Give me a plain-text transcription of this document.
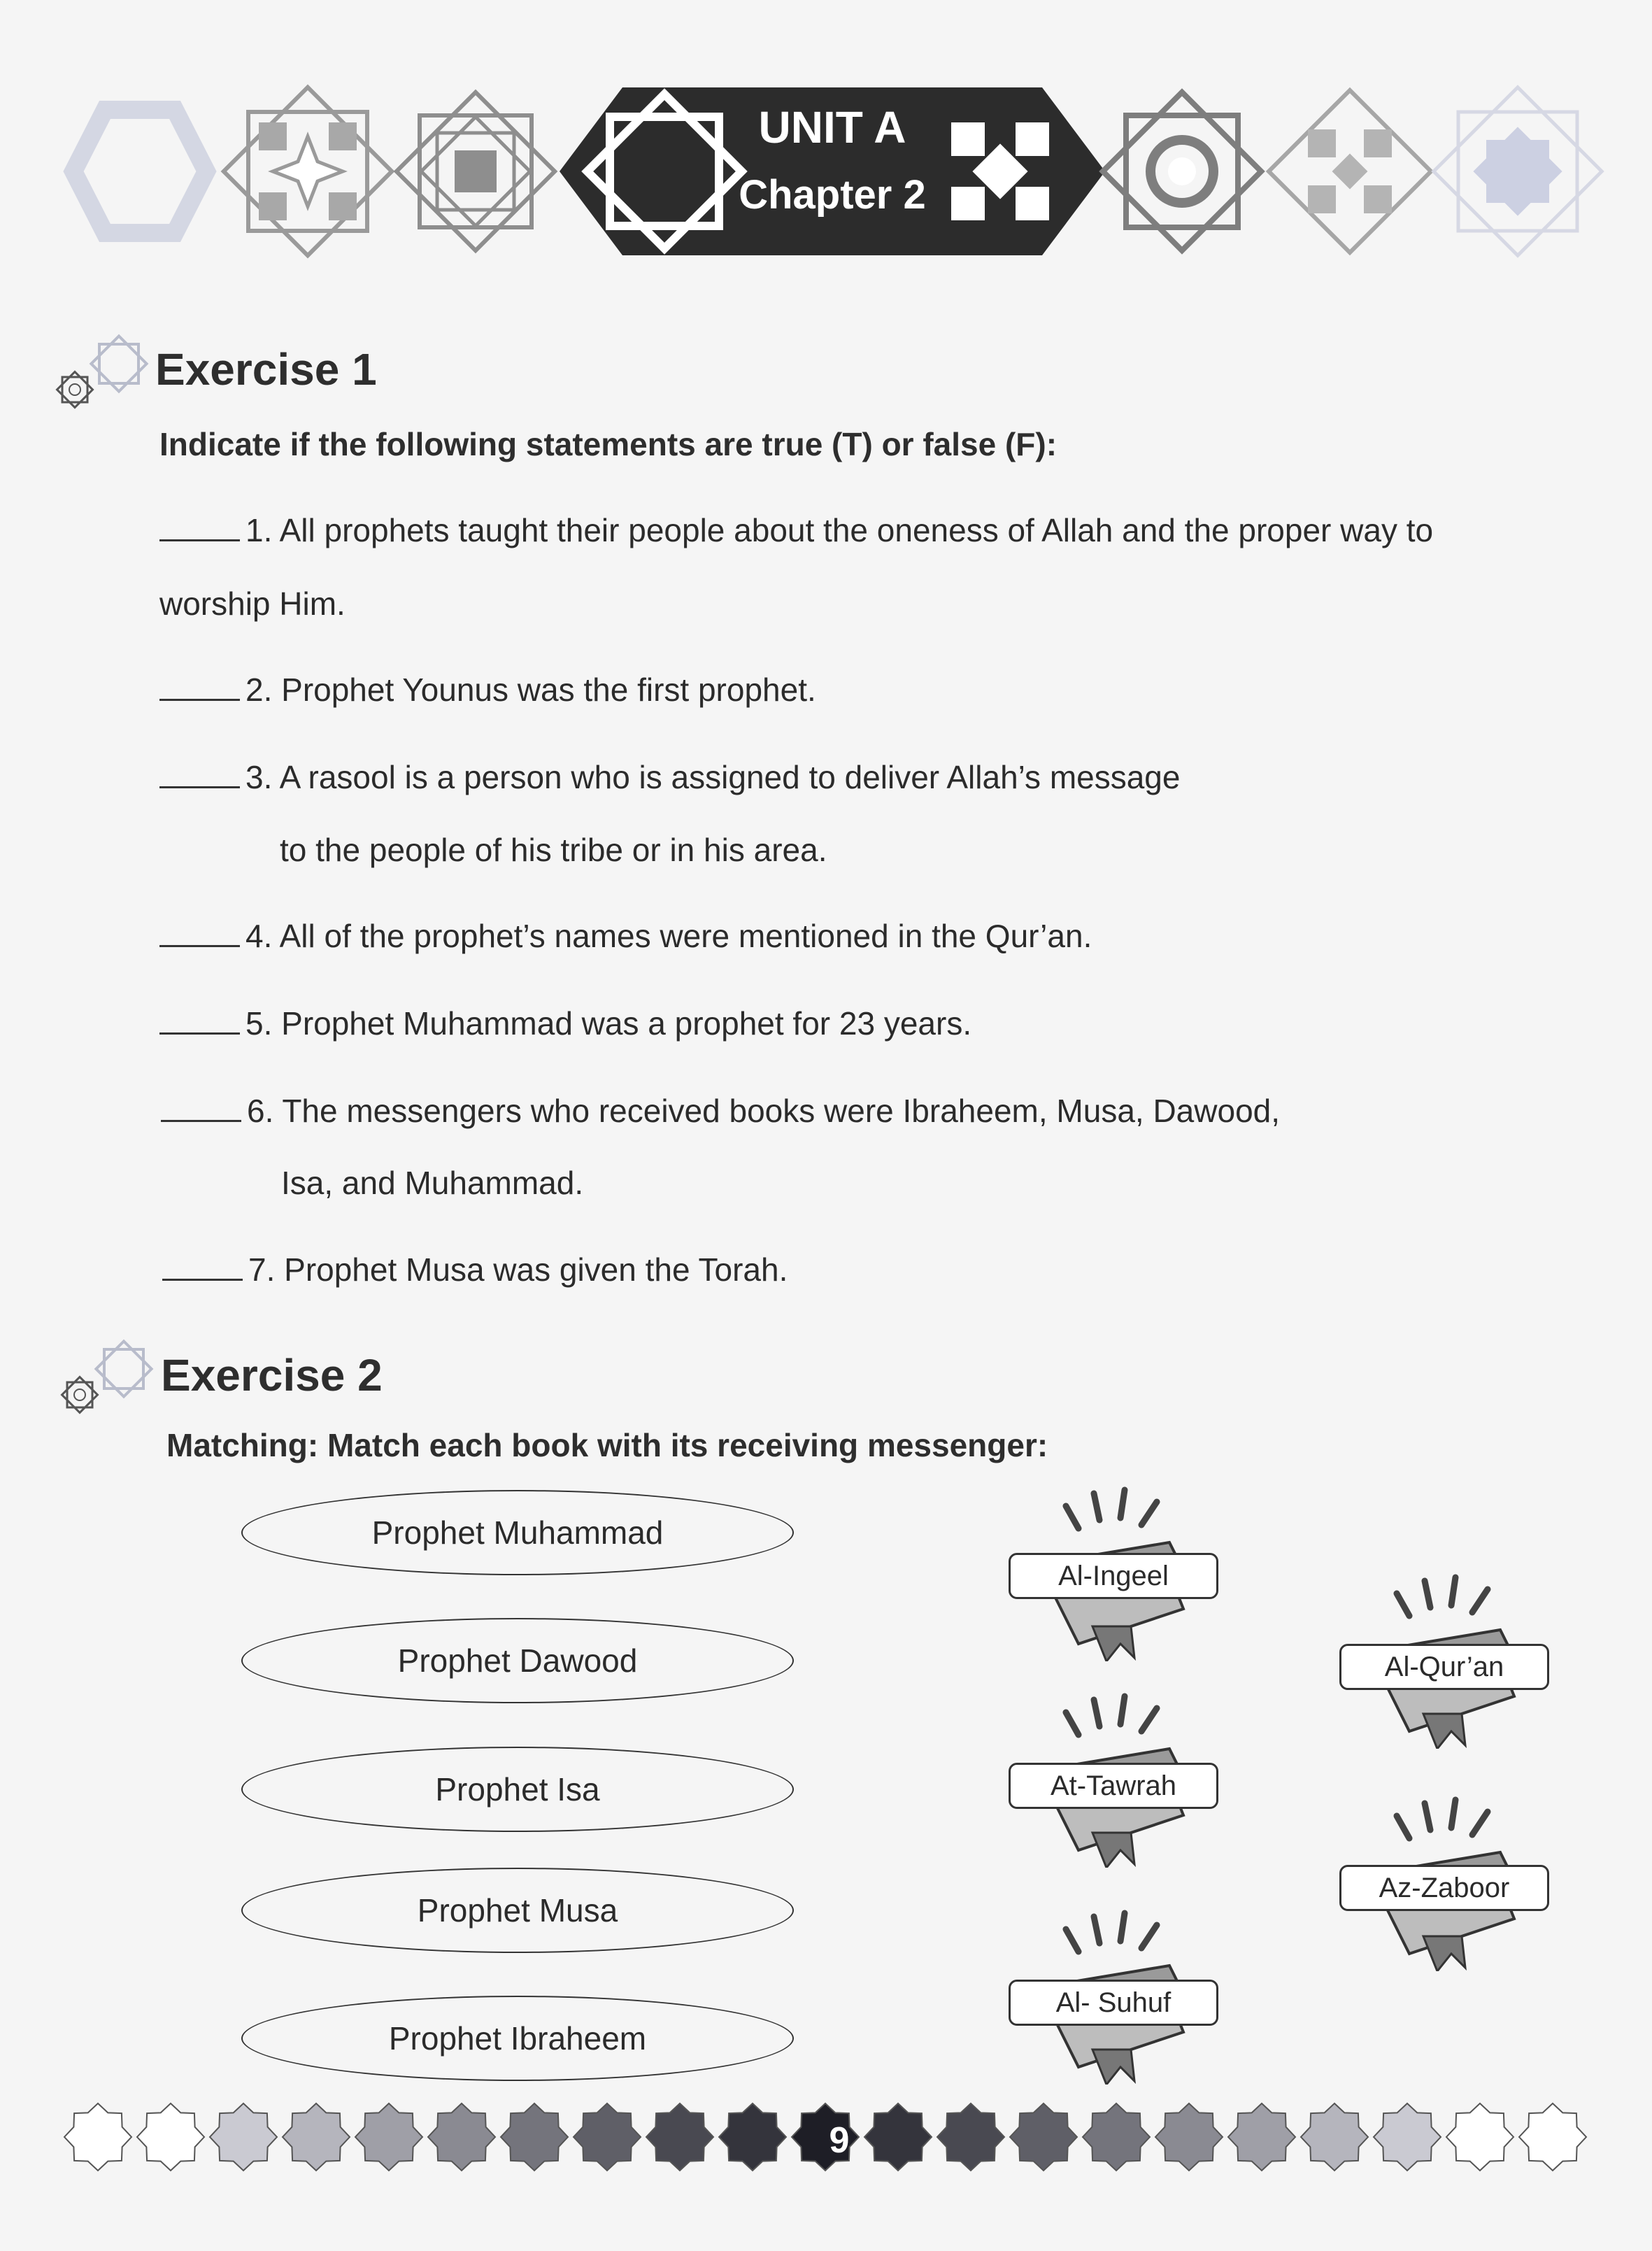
UNIT A
Chapter 2
Exercise 1

Indicate if the following statements are true (T) or false (F):

1. All prophets taught their people about the oneness of Allah and the proper way to
worship Him.
2. Prophet Younus was the first prophet.
3. A rasool is a person who is assigned to deliver Allah’s message
to the people of his tribe or in his area.
4. All of the prophet’s names were mentioned in the Qur’an.
5. Prophet Muhammad was a prophet for 23 years.
6. The messengers who received books were Ibraheem, Musa, Dawood,
Isa, and Muhammad.
7. Prophet Musa was given the Torah.
Exercise 2

Matching: Match each book with its receiving messenger:

Prophet Muhammad
Prophet Dawood
Prophet Isa
Prophet Musa
Prophet Ibraheem
Al-Ingeel
Al-Qur’an
At-Tawrah
Az-Zaboor
Al- Suhuf
9
